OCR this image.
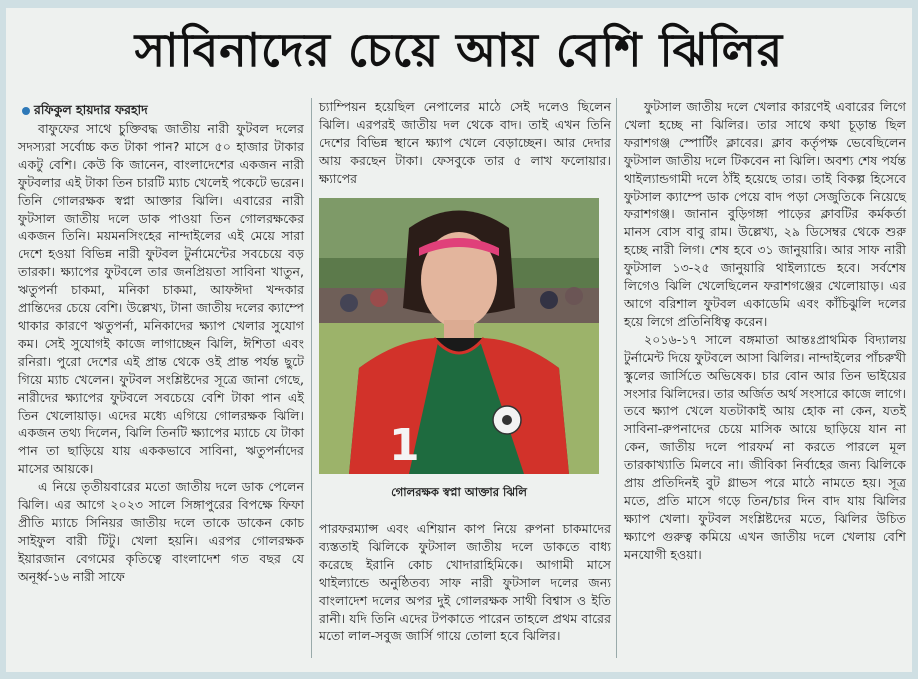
সাবিনাদের চেয়ে আয় বেশি ঝিলির
রফিকুল হায়দার ফরহাদ

বাফুফের সাথে চুক্তিবদ্ধ জাতীয় নারী ফুটবল দলের সদস্যরা সর্বোচ্চ কত টাকা পান? মাসে ৫০ হাজার টাকার একটু বেশি। কেউ কি জানেন, বাংলাদেশের একজন নারী ফুটবলার এই টাকা তিন চারটি ম্যাচ খেলেই পকেটে ভরেন। তিনি গোলরক্ষক স্বপ্না আক্তার ঝিলি। এবারের নারী ফুটসাল জাতীয় দলে ডাক পাওয়া তিন গোলরক্ষকের একজন তিনি। ময়মনসিংহের নান্দাইলের এই মেয়ে সারা দেশে হওয়া বিভিন্ন নারী ফুটবল টুর্নামেন্টের সবচেয়ে বড় তারকা। ক্ষ্যাপের ফুটবলে তার জনপ্রিয়তা সাবিনা খাতুন, ঋতুপর্না চাকমা, মনিকা চাকমা, আফঈদা খন্দকার প্রান্তিদের চেয়ে বেশি। উল্লেখ্য, টানা জাতীয় দলের ক্যাম্পে থাকার কারণে ঋতুপর্না, মনিকাদের ক্ষ্যাপ খেলার সুযোগ কম। সেই সুযোগই কাজে লাগাচ্ছেন ঝিলি, ঈশিতা এবং রনিরা। পুরো দেশের এই প্রান্ত থেকে ওই প্রান্ত পর্যন্ত ছুটে গিয়ে ম্যাচ খেলেন। ফুটবল সংশ্লিষ্টদের সূত্রে জানা গেছে, নারীদের ক্ষ্যাপের ফুটবলে সবচেয়ে বেশি টাকা পান এই তিন খেলোয়াড়। এদের মধ্যে এগিয়ে গোলরক্ষক ঝিলি। একজন তথ্য দিলেন, ঝিলি তিনটি ক্ষ্যাপের ম্যাচে যে টাকা পান তা ছাড়িয়ে যায় এককভাবে সাবিনা, ঋতুপর্নাদের মাসের আয়কে।

এ নিয়ে তৃতীয়বারের মতো জাতীয় দলে ডাক পেলেন ঝিলি। এর আগে ২০২৩ সালে সিঙ্গাপুরের বিপক্ষে ফিফা প্রীতি ম্যাচে সিনিয়র জাতীয় দলে তাকে ডাকেন কোচ সাইফুল বারী টিটু। খেলা হয়নি। এরপর গোলরক্ষক ইয়ারজান বেগমের কৃতিত্বে বাংলাদেশ গত বছর যে অনূর্ধ্ব-১৬ নারী সাফে

চ্যাম্পিয়ন হয়েছিল নেপালের মাঠে সেই দলেও ছিলেন ঝিলি। এরপরই জাতীয় দল থেকে বাদ। তাই এখন তিনি দেশের বিভিন্ন স্থানে ক্ষ্যাপ খেলে বেড়াচ্ছেন। আর দেদার আয় করছেন টাকা। ফেসবুকে তার ৫ লাখ ফলোয়ার। ক্ষ্যাপের

1
গোলরক্ষক স্বপ্না আক্তার ঝিলি

পারফরম্যান্স এবং এশিয়ান কাপ নিয়ে রুপনা চাকমাদের ব্যস্ততাই ঝিলিকে ফুটসাল জাতীয় দলে ডাকতে বাধ্য করেছে ইরানি কোচ খোদারাহিমিকে। আগামী মাসে থাইল্যান্ডে অনুষ্ঠিতব্য সাফ নারী ফুটসাল দলের জন্য বাংলাদেশ দলের অপর দুই গোলরক্ষক সাথী বিশ্বাস ও ইতি রানী। যদি তিনি এদের টপকাতে পারেন তাহলে প্রথম বারের মতো লাল-সবুজ জার্সি গায়ে তোলা হবে ঝিলির।

ফুটসাল জাতীয় দলে খেলার কারণেই এবারের লিগে খেলা হচ্ছে না ঝিলির। তার সাথে কথা চূড়ান্ত ছিল ফরাশগঞ্জ স্পোর্টিং ক্লাবের। ক্লাব কর্তৃপক্ষ ভেবেছিলেন ফুটসাল জাতীয় দলে টিকবেন না ঝিলি। অবশ্য শেষ পর্যন্ত থাইল্যান্ডগামী দলে ঠাঁই হয়েছে তার। তাই বিকল্প হিসেবে ফুটসাল ক্যাম্পে ডাক পেয়ে বাদ পড়া সেজুতিকে নিয়েছে ফরাশগঞ্জ। জানান বুড়িগঙ্গা পাড়ের ক্লাবটির কর্মকর্তা মানস বোস বাবু রাম। উল্লেখ্য, ২৯ ডিসেম্বর থেকে শুরু হচ্ছে নারী লিগ। শেষ হবে ৩১ জানুয়ারি। আর সাফ নারী ফুটসাল ১৩-২৫ জানুয়ারি থাইল্যান্ডে হবে। সর্বশেষ লিগেও ঝিলি খেলেছিলেন ফরাশগঞ্জের খেলোয়াড়। এর আগে বরিশাল ফুটবল একাডেমি এবং কাঁচিঝুলি দলের হয়ে লিগে প্রতিনিধিত্ব করেন।

২০১৬-১৭ সালে বঙ্গমাতা আন্তঃপ্রাথমিক বিদ্যালয় টুর্নামেন্ট দিয়ে ফুটবলে আসা ঝিলির। নান্দাইলের পাঁচরুখী স্কুলের জার্সিতে অভিষেক। চার বোন আর তিন ভাইয়ের সংসার ঝিলিদের। তার অর্জিত অর্থ সংসারে কাজে লাগে। তবে ক্ষ্যাপ খেলে যতটাকাই আয় হোক না কেন, যতই সাবিনা-রুপনাদের চেয়ে মাসিক আয়ে ছাড়িয়ে যান না কেন, জাতীয় দলে পারফর্ম না করতে পারলে মূল তারকাখ্যাতি মিলবে না। জীবিকা নির্বাহের জন্য ঝিলিকে প্রায় প্রতিদিনই বুট গ্লাভস পরে মাঠে নামতে হয়। সূত্র মতে, প্রতি মাসে গড়ে তিন/চার দিন বাদ যায় ঝিলির ক্ষ্যাপ খেলা। ফুটবল সংশ্লিষ্টদের মতে, ঝিলির উচিত ক্ষ্যাপে গুরুত্ব কমিয়ে এখন জাতীয় দলে খেলায় বেশি মনযোগী হওয়া।
